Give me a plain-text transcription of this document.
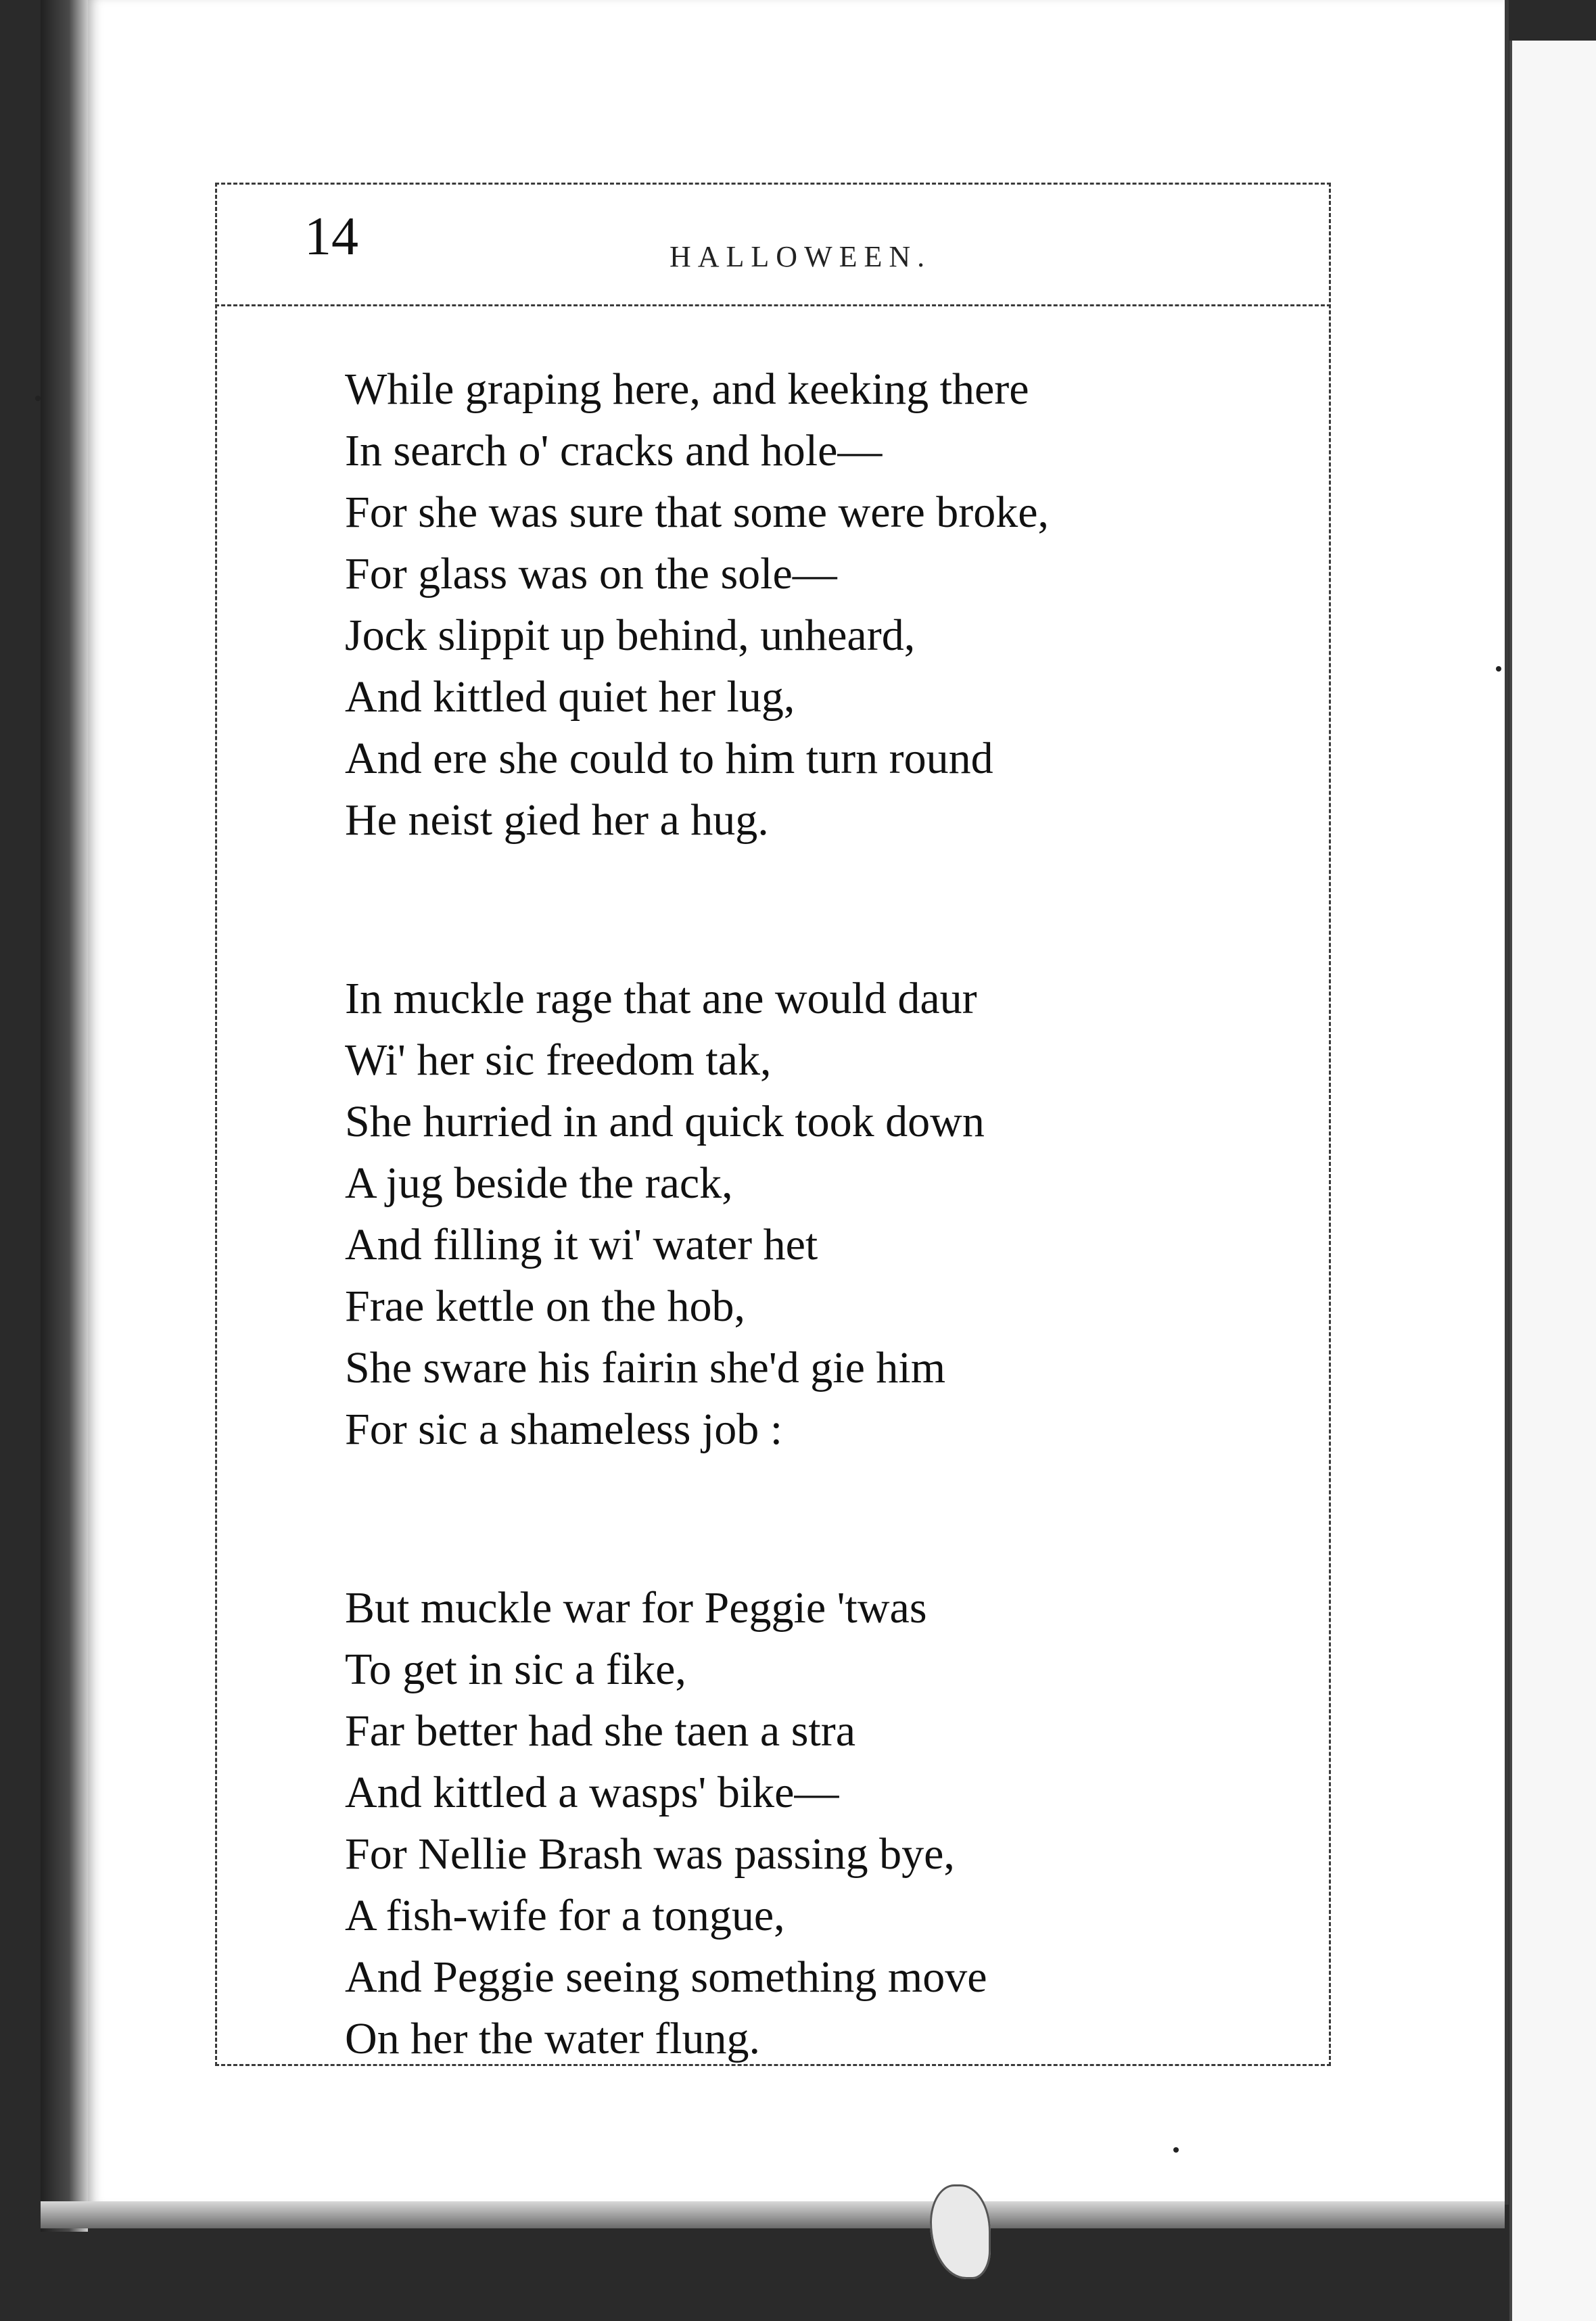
14	HALLOWEEN.
While graping here, and keeking there
In search o' cracks and hole—
For she was sure that some were broke,
For glass was on the sole—
Jock slippit up behind, unheard,
And kittled quiet her lug,
And ere she could to him turn round
He neist gied her a hug.
In muckle rage that ane would daur
Wi' her sic freedom tak,
She hurried in and quick took down
A jug beside the rack,
And filling it wi' water het
Frae kettle on the hob,
She sware his fairin she'd gie him
For sic a shameless job :
But muckle war for Peggie 'twas
To get in sic a fike,
Far better had she taen a stra
And kittled a wasps' bike—
For Nellie Brash was passing bye,
A fish-wife for a tongue,
And Peggie seeing something move
On her the water flung.
